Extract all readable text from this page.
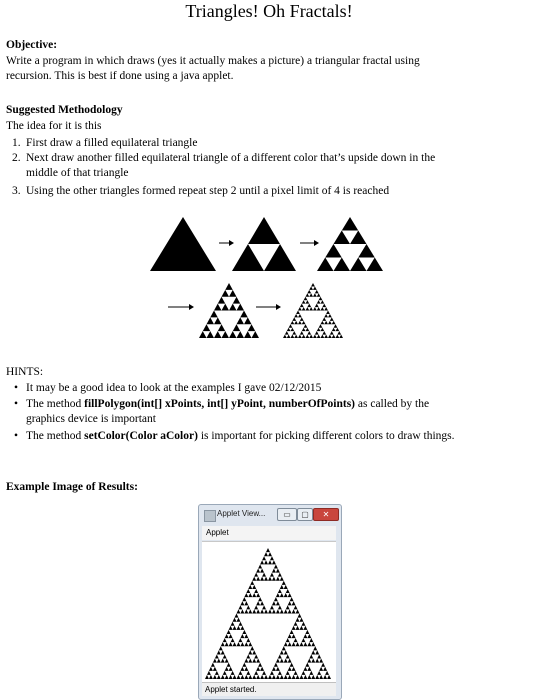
Triangles! Oh Fractals!
Objective:
Write a program in which draws (yes it actually makes a picture) a triangular fractal using
recursion. This is best if done using a java applet.
Suggested Methodology
The idea for it is this
1. First draw a filled equilateral triangle
2. Next draw another filled equilateral triangle of a different color that’s upside down in the
middle of that triangle
3. Using the other triangles formed repeat step 2 until a pixel limit of 4 is reached
HINTS:
• It may be a good idea to look at the examples I gave 02/12/2015
• The method fillPolygon(int[] xPoints, int[] yPoint, numberOfPoints) as called by the
graphics device is important
• The method setColor(Color aColor) is important for picking different colors to draw things.
Example Image of Results:
Applet View...	▭	▢	✕
Applet
Applet started.
